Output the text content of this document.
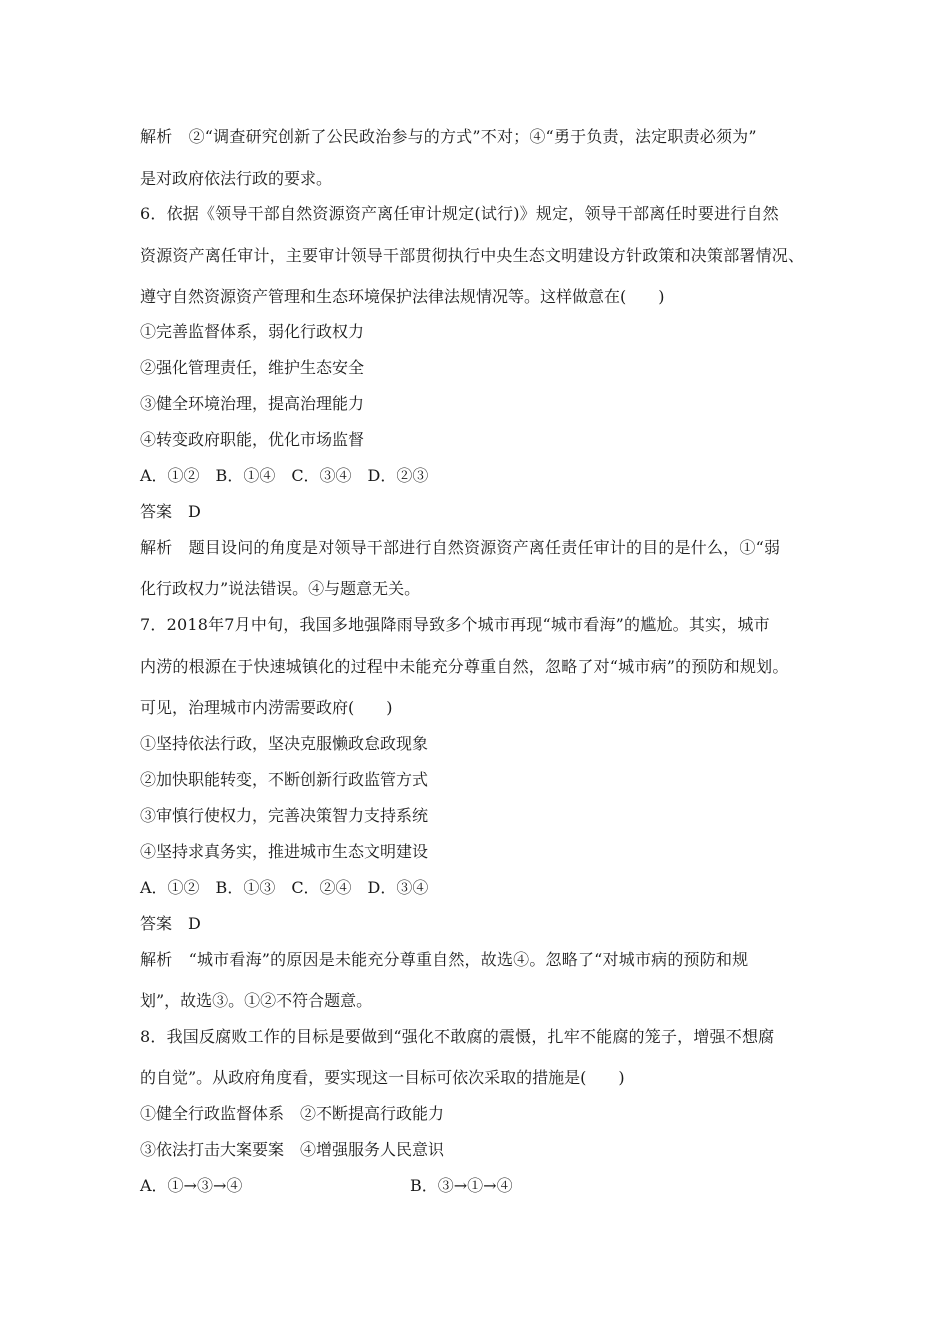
解析　②“调查研究创新了公民政治参与的方式”不对；④“勇于负责，法定职责必须为”
是对政府依法行政的要求。
6．依据《领导干部自然资源资产离任审计规定(试行)》规定，领导干部离任时要进行自然
资源资产离任审计，主要审计领导干部贯彻执行中央生态文明建设方针政策和决策部署情况、
遵守自然资源资产管理和生态环境保护法律法规情况等。这样做意在(　　)
①完善监督体系，弱化行政权力
②强化管理责任，维护生态安全
③健全环境治理，提高治理能力
④转变政府职能，优化市场监督
A．①②　B．①④　C．③④　D．②③
答案　D
解析　题目设问的角度是对领导干部进行自然资源资产离任责任审计的目的是什么，①“弱
化行政权力”说法错误。④与题意无关。
7．2018年7月中旬，我国多地强降雨导致多个城市再现“城市看海”的尴尬。其实，城市
内涝的根源在于快速城镇化的过程中未能充分尊重自然，忽略了对“城市病”的预防和规划。
可见，治理城市内涝需要政府(　　)
①坚持依法行政，坚决克服懒政怠政现象
②加快职能转变，不断创新行政监管方式
③审慎行使权力，完善决策智力支持系统
④坚持求真务实，推进城市生态文明建设
A．①②　B．①③　C．②④　D．③④
答案　D
解析　“城市看海”的原因是未能充分尊重自然，故选④。忽略了“对城市病的预防和规
划”，故选③。①②不符合题意。
8．我国反腐败工作的目标是要做到“强化不敢腐的震慑，扎牢不能腐的笼子，增强不想腐
的自觉”。从政府角度看，要实现这一目标可依次采取的措施是(　　)
①健全行政监督体系　②不断提高行政能力
③依法打击大案要案　④增强服务人民意识
A．①→③→④	B．③→①→④
